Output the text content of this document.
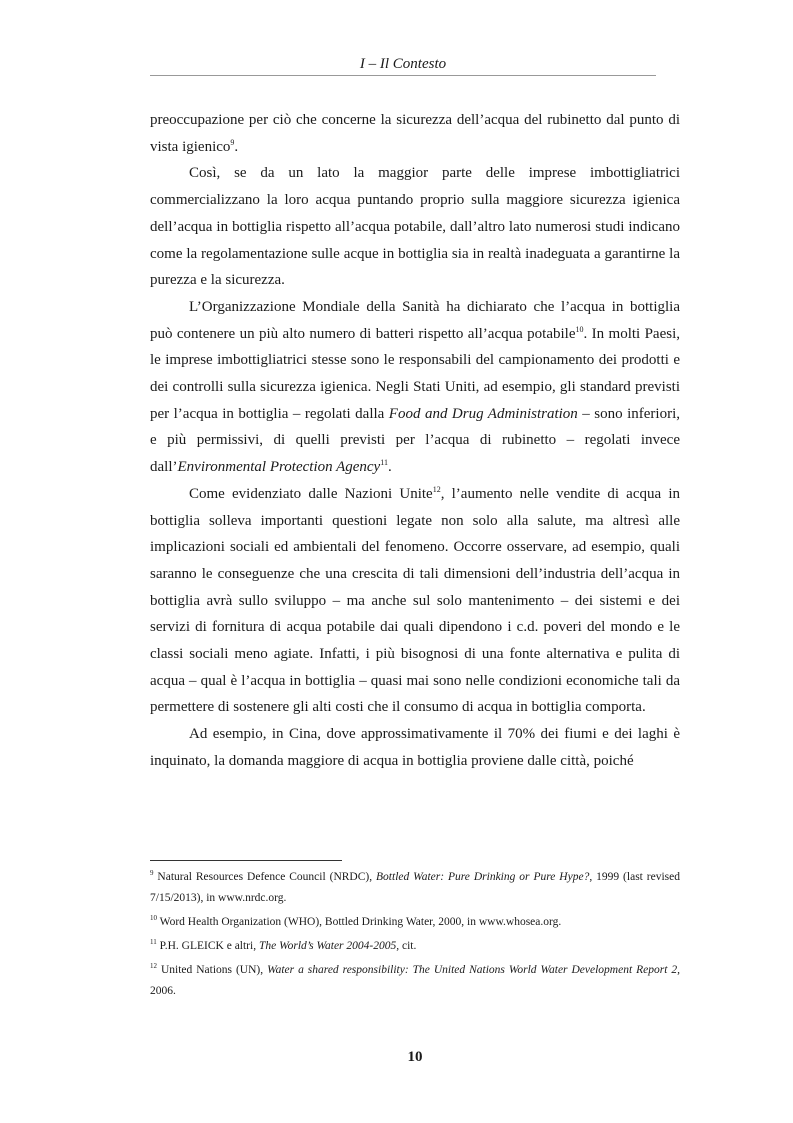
I – Il Contesto

preoccupazione per ciò che concerne la sicurezza dell’acqua del rubinetto dal punto di vista igienico$^9$.

Così, se da un lato la maggior parte delle imprese imbottigliatrici commercializzano la loro acqua puntando proprio sulla maggiore sicurezza igienica dell’acqua in bottiglia rispetto all’acqua potabile, dall’altro lato numerosi studi indicano come la regolamentazione sulle acque in bottiglia sia in realtà inadeguata a garantirne la purezza e la sicurezza.

L’Organizzazione Mondiale della Sanità ha dichiarato che l’acqua in bottiglia può contenere un più alto numero di batteri rispetto all’acqua potabile$^{10}$. In molti Paesi, le imprese imbottigliatrici stesse sono le responsabili del campionamento dei prodotti e dei controlli sulla sicurezza igienica. Negli Stati Uniti, ad esempio, gli standard previsti per l’acqua in bottiglia – regolati dalla Food and Drug Administration – sono inferiori, e più permissivi, di quelli previsti per l’acqua di rubinetto – regolati invece dall’Environmental Protection Agency$^{11}$.

Come evidenziato dalle Nazioni Unite$^{12}$, l’aumento nelle vendite di acqua in bottiglia solleva importanti questioni legate non solo alla salute, ma altresì alle implicazioni sociali ed ambientali del fenomeno. Occorre osservare, ad esempio, quali saranno le conseguenze che una crescita di tali dimensioni dell’industria dell’acqua in bottiglia avrà sullo sviluppo – ma anche sul solo mantenimento – dei sistemi e dei servizi di fornitura di acqua potabile dai quali dipendono i c.d. poveri del mondo e le classi sociali meno agiate. Infatti, i più bisognosi di una fonte alternativa e pulita di acqua – qual è l’acqua in bottiglia – quasi mai sono nelle condizioni economiche tali da permettere di sostenere gli alti costi che il consumo di acqua in bottiglia comporta.

Ad esempio, in Cina, dove approssimativamente il 70% dei fiumi e dei laghi è inquinato, la domanda maggiore di acqua in bottiglia proviene dalle città, poiché

$^9$ Natural Resources Defence Council (NRDC), Bottled Water: Pure Drinking or Pure Hype?, 1999 (last revised 7/15/2013), in www.nrdc.org.

$^{10}$ Word Health Organization (WHO), Bottled Drinking Water, 2000, in www.whosea.org.

$^{11}$ P.H. GLEICK e altri, The World’s Water 2004-2005, cit.

$^{12}$ United Nations (UN), Water a shared responsibility: The United Nations World Water Development Report 2, 2006.

10
